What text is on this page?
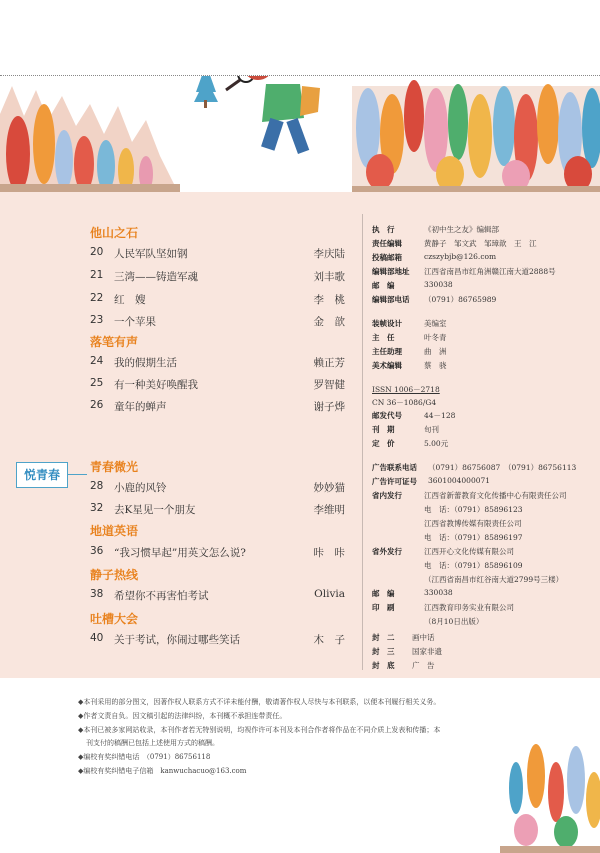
他山之石
20 人民军队坚如钢	李庆陆
21 三湾——铸造军魂	刘丰歌
22 红　嫂	李　桃
23 一个苹果	金　歆
落笔有声
24 我的假期生活	赖正芳
25 有一种美好唤醒我	罗智健
26 童年的蝉声	谢子烨
悦青春
青春微光
28 小鹿的风铃	妙妙猫
32 去K星见一个朋友	李维明
地道英语
36 “我习惯早起”用英文怎么说?	咔　咔
静子热线
38 希望你不再害怕考试	Olivia
吐槽大会
40 关于考试，你闹过哪些笑话	木　子
执　行	《初中生之友》编辑部
责任编辑	黄静子　邹文武　邹璋歆　王　江
投稿邮箱	czszybjb@126.com
编辑部地址 江西省南昌市红角洲赣江南大道2888号
邮　编	330038
编辑部电话 （0791）86765989
装帧设计	美编室
主　任	叶冬青
主任助理	曲　洲
美术编辑	蔡　骁
ISSN 1006－2718
CN 36－1086/G4
邮发代号	44－128
刊　期	旬刊
定　价	5.00元
广告联系电话 （0791）86756087　（0791）86756113
广告许可证号 3601004000071
省内发行	江西省新蕾教育文化传播中心有限责任公司
电　话：（0791）85896123
江西省教博传媒有限责任公司
电　话：（0791）85896197
省外发行	江西开心文化传媒有限公司
电　话：（0791）85896109
（江西省南昌市红谷南大道2799号三楼）
邮　编	330038
印　刷	江西教育印务实业有限公司
（8月10日出版）
封　二 画中话
封　三 国家非遗
封　底 广　告
◆本刊采用的部分图文，因著作权人联系方式不详未能付酬，敬请著作权人尽快与本刊联系，以便本刊履行相关义务。
◆作者文责自负。因文稿引起的法律纠纷，本刊概不承担连带责任。
◆本刊已被多家网站收录，本刊作者若无特别说明，均视作许可本刊及本刊合作者将作品在不同介质上发表和传播；本
刊支付的稿酬已包括上述使用方式的稿酬。
◆编校有奖纠错电话　（0791）86756118
◆编校有奖纠错电子信箱　kanwuchacuo@163.com
